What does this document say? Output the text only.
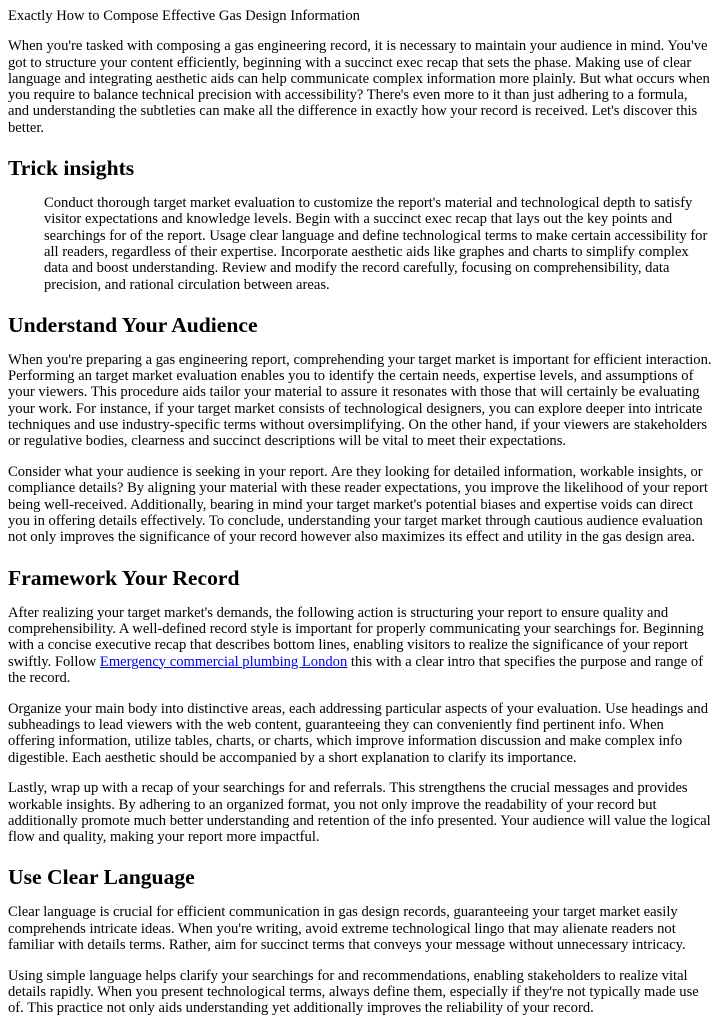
Exactly How to Compose Effective Gas Design Information

When you're tasked with composing a gas engineering record, it is necessary to maintain your audience in mind. You've got to structure your content efficiently, beginning with a succinct exec recap that sets the phase. Making use of clear language and integrating aesthetic aids can help communicate complex information more plainly. But what occurs when you require to balance technical precision with accessibility? There's even more to it than just adhering to a formula, and understanding the subtleties can make all the difference in exactly how your record is received. Let's discover this better.

Trick insights
Conduct thorough target market evaluation to customize the report's material and technological depth to satisfy visitor expectations and knowledge levels. Begin with a succinct exec recap that lays out the key points and searchings for of the report. Usage clear language and define technological terms to make certain accessibility for all readers, regardless of their expertise. Incorporate aesthetic aids like graphes and charts to simplify complex data and boost understanding. Review and modify the record carefully, focusing on comprehensibility, data precision, and rational circulation between areas.
Understand Your Audience

When you're preparing a gas engineering report, comprehending your target market is important for efficient interaction. Performing an target market evaluation enables you to identify the certain needs, expertise levels, and assumptions of your viewers. This procedure aids tailor your material to assure it resonates with those that will certainly be evaluating your work. For instance, if your target market consists of technological designers, you can explore deeper into intricate techniques and use industry-specific terms without oversimplifying. On the other hand, if your viewers are stakeholders or regulative bodies, clearness and succinct descriptions will be vital to meet their expectations.

Consider what your audience is seeking in your report. Are they looking for detailed information, workable insights, or compliance details? By aligning your material with these reader expectations, you improve the likelihood of your report being well-received. Additionally, bearing in mind your target market's potential biases and expertise voids can direct you in offering details effectively. To conclude, understanding your target market through cautious audience evaluation not only improves the significance of your record however also maximizes its effect and utility in the gas design area.

Framework Your Record

After realizing your target market's demands, the following action is structuring your report to ensure quality and comprehensibility. A well-defined record style is important for properly communicating your searchings for. Beginning with a concise executive recap that describes bottom lines, enabling visitors to realize the significance of your report swiftly. Follow Emergency commercial plumbing London this with a clear intro that specifies the purpose and range of the record.

Organize your main body into distinctive areas, each addressing particular aspects of your evaluation. Use headings and subheadings to lead viewers with the web content, guaranteeing they can conveniently find pertinent info. When offering information, utilize tables, charts, or charts, which improve information discussion and make complex info digestible. Each aesthetic should be accompanied by a short explanation to clarify its importance.

Lastly, wrap up with a recap of your searchings for and referrals. This strengthens the crucial messages and provides workable insights. By adhering to an organized format, you not only improve the readability of your record but additionally promote much better understanding and retention of the info presented. Your audience will value the logical flow and quality, making your report more impactful.

Use Clear Language

Clear language is crucial for efficient communication in gas design records, guaranteeing your target market easily comprehends intricate ideas. When you're writing, avoid extreme technological lingo that may alienate readers not familiar with details terms. Rather, aim for succinct terms that conveys your message without unnecessary intricacy.

Using simple language helps clarify your searchings for and recommendations, enabling stakeholders to realize vital details rapidly. When you present technological terms, always define them, especially if they're not typically made use of. This practice not only aids understanding yet additionally improves the reliability of your record.
